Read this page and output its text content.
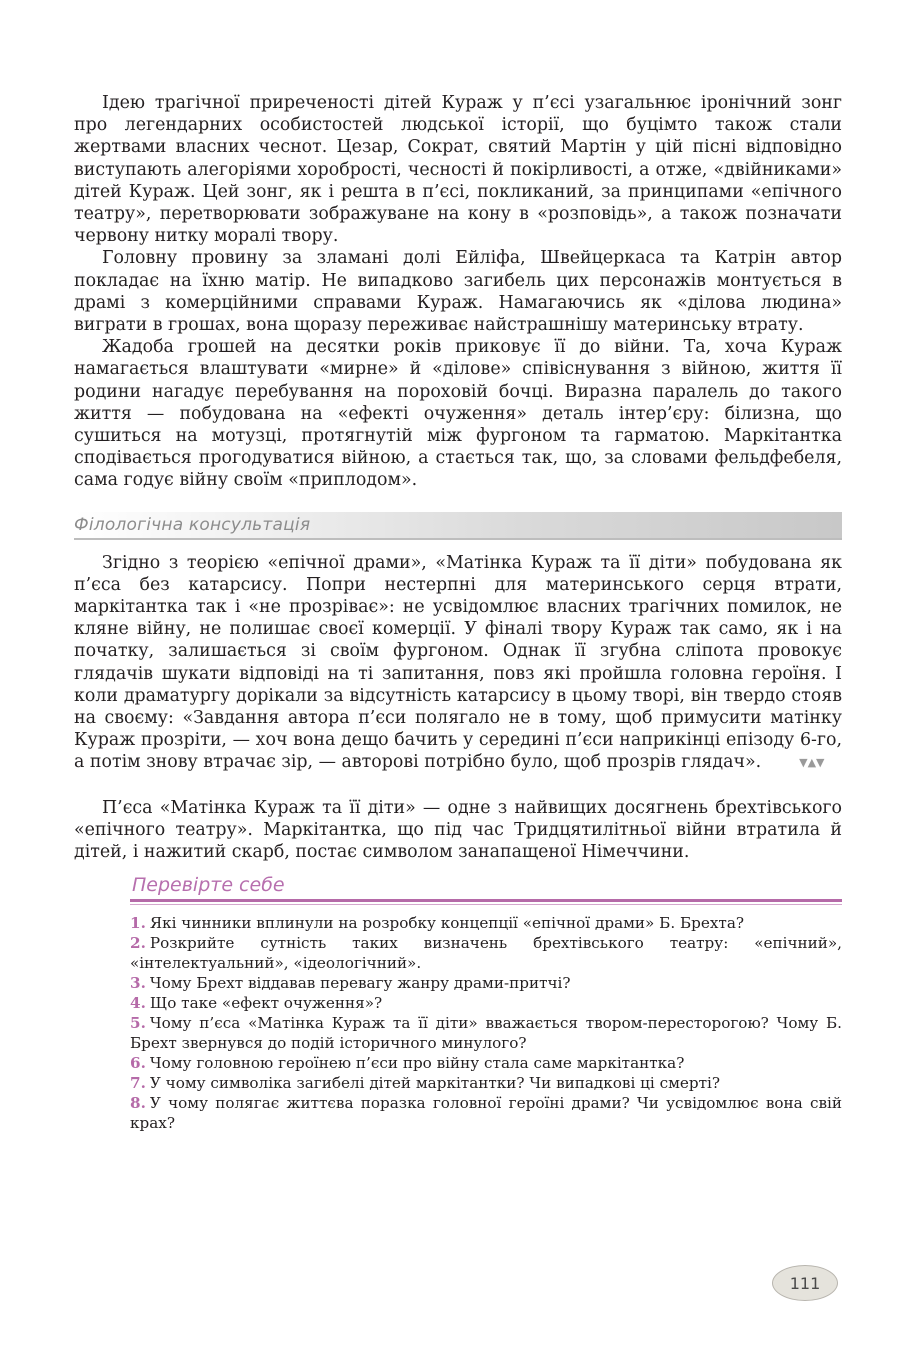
Ідею трагічної приреченості дітей Кураж у п’єсі узагальнює іронічний зонг про легендарних особистостей людської історії, що буцімто також стали жертвами власних чеснот. Цезар, Сократ, святий Мартін у цій пісні відповідно виступають алегоріями хоробрості, чесності й покірливості, а отже, «двійниками» дітей Кураж. Цей зонг, як і решта в п’єсі, покликаний, за принципами «епічного театру», перетворювати зображуване на кону в «розповідь», а також позначати червону нитку моралі твору.

Головну провину за зламані долі Ейліфа, Швейцеркаса та Катрін автор покладає на їхню матір. Не випадково загибель цих персонажів монтується в драмі з комерційними справами Кураж. Намагаючись як «ділова людина» виграти в грошах, вона щоразу переживає найстрашнішу материнську втрату.

Жадоба грошей на десятки років приковує її до війни. Та, хоча Кураж намагається влаштувати «мирне» й «ділове» співіснування з війною, життя її родини нагадує перебування на пороховій бочці. Виразна паралель до такого життя — побудована на «ефекті очуження» деталь інтер’єру: білизна, що сушиться на мотузці, протягнутій між фургоном та гарматою. Маркітантка сподівається прогодуватися війною, а стається так, що, за словами фельдфебеля, сама годує війну своїм «приплодом».

Філологічна консультація

Згідно з теорією «епічної драми», «Матінка Кураж та її діти» побудована як п’єса без катарсису. Попри нестерпні для материнського серця втрати, маркітантка так і «не прозріває»: не усвідомлює власних трагічних помилок, не кляне війну, не полишає своєї комерції. У фіналі твору Кураж так само, як і на початку, залишається зі своїм фургоном. Однак її згубна сліпота провокує глядачів шукати відповіді на ті запитання, повз які пройшла головна героїня. І коли драматургу дорікали за відсутність катарсису в цьому творі, він твердо стояв на своєму: «Завдання автора п’єси полягало не в тому, щоб примусити матінку Кураж прозріти, — хоч вона дещо бачить у середині п’єси наприкінці епізоду 6-го, а потім знову втрачає зір, — авторові потрібно було, щоб прозрів глядач».	▼▲▼

П’єса «Матінка Кураж та її діти» — одне з найвищих досягнень брехтівського «епічного театру». Маркітантка, що під час Тридцятилітньої війни втратила й дітей, і нажитий скарб, постає символом занапащеної Німеччини.

Перевірте себе
1. Які чинники вплинули на розробку концепції «епічної драми» Б. Брехта?
2. Розкрийте сутність таких визначень брехтівського театру: «епічний», «інтелектуальний», «ідеологічний».
3. Чому Брехт віддавав перевагу жанру драми-притчі?
4. Що таке «ефект очуження»?
5. Чому п’єса «Матінка Кураж та її діти» вважається твором-пересторогою? Чому Б. Брехт звернувся до подій історичного минулого?
6. Чому головною героїнею п’єси про війну стала саме маркітантка?
7. У чому символіка загибелі дітей маркітантки? Чи випадкові ці смерті?
8. У чому полягає життєва поразка головної героїні драми? Чи усвідомлює вона свій крах?
111
